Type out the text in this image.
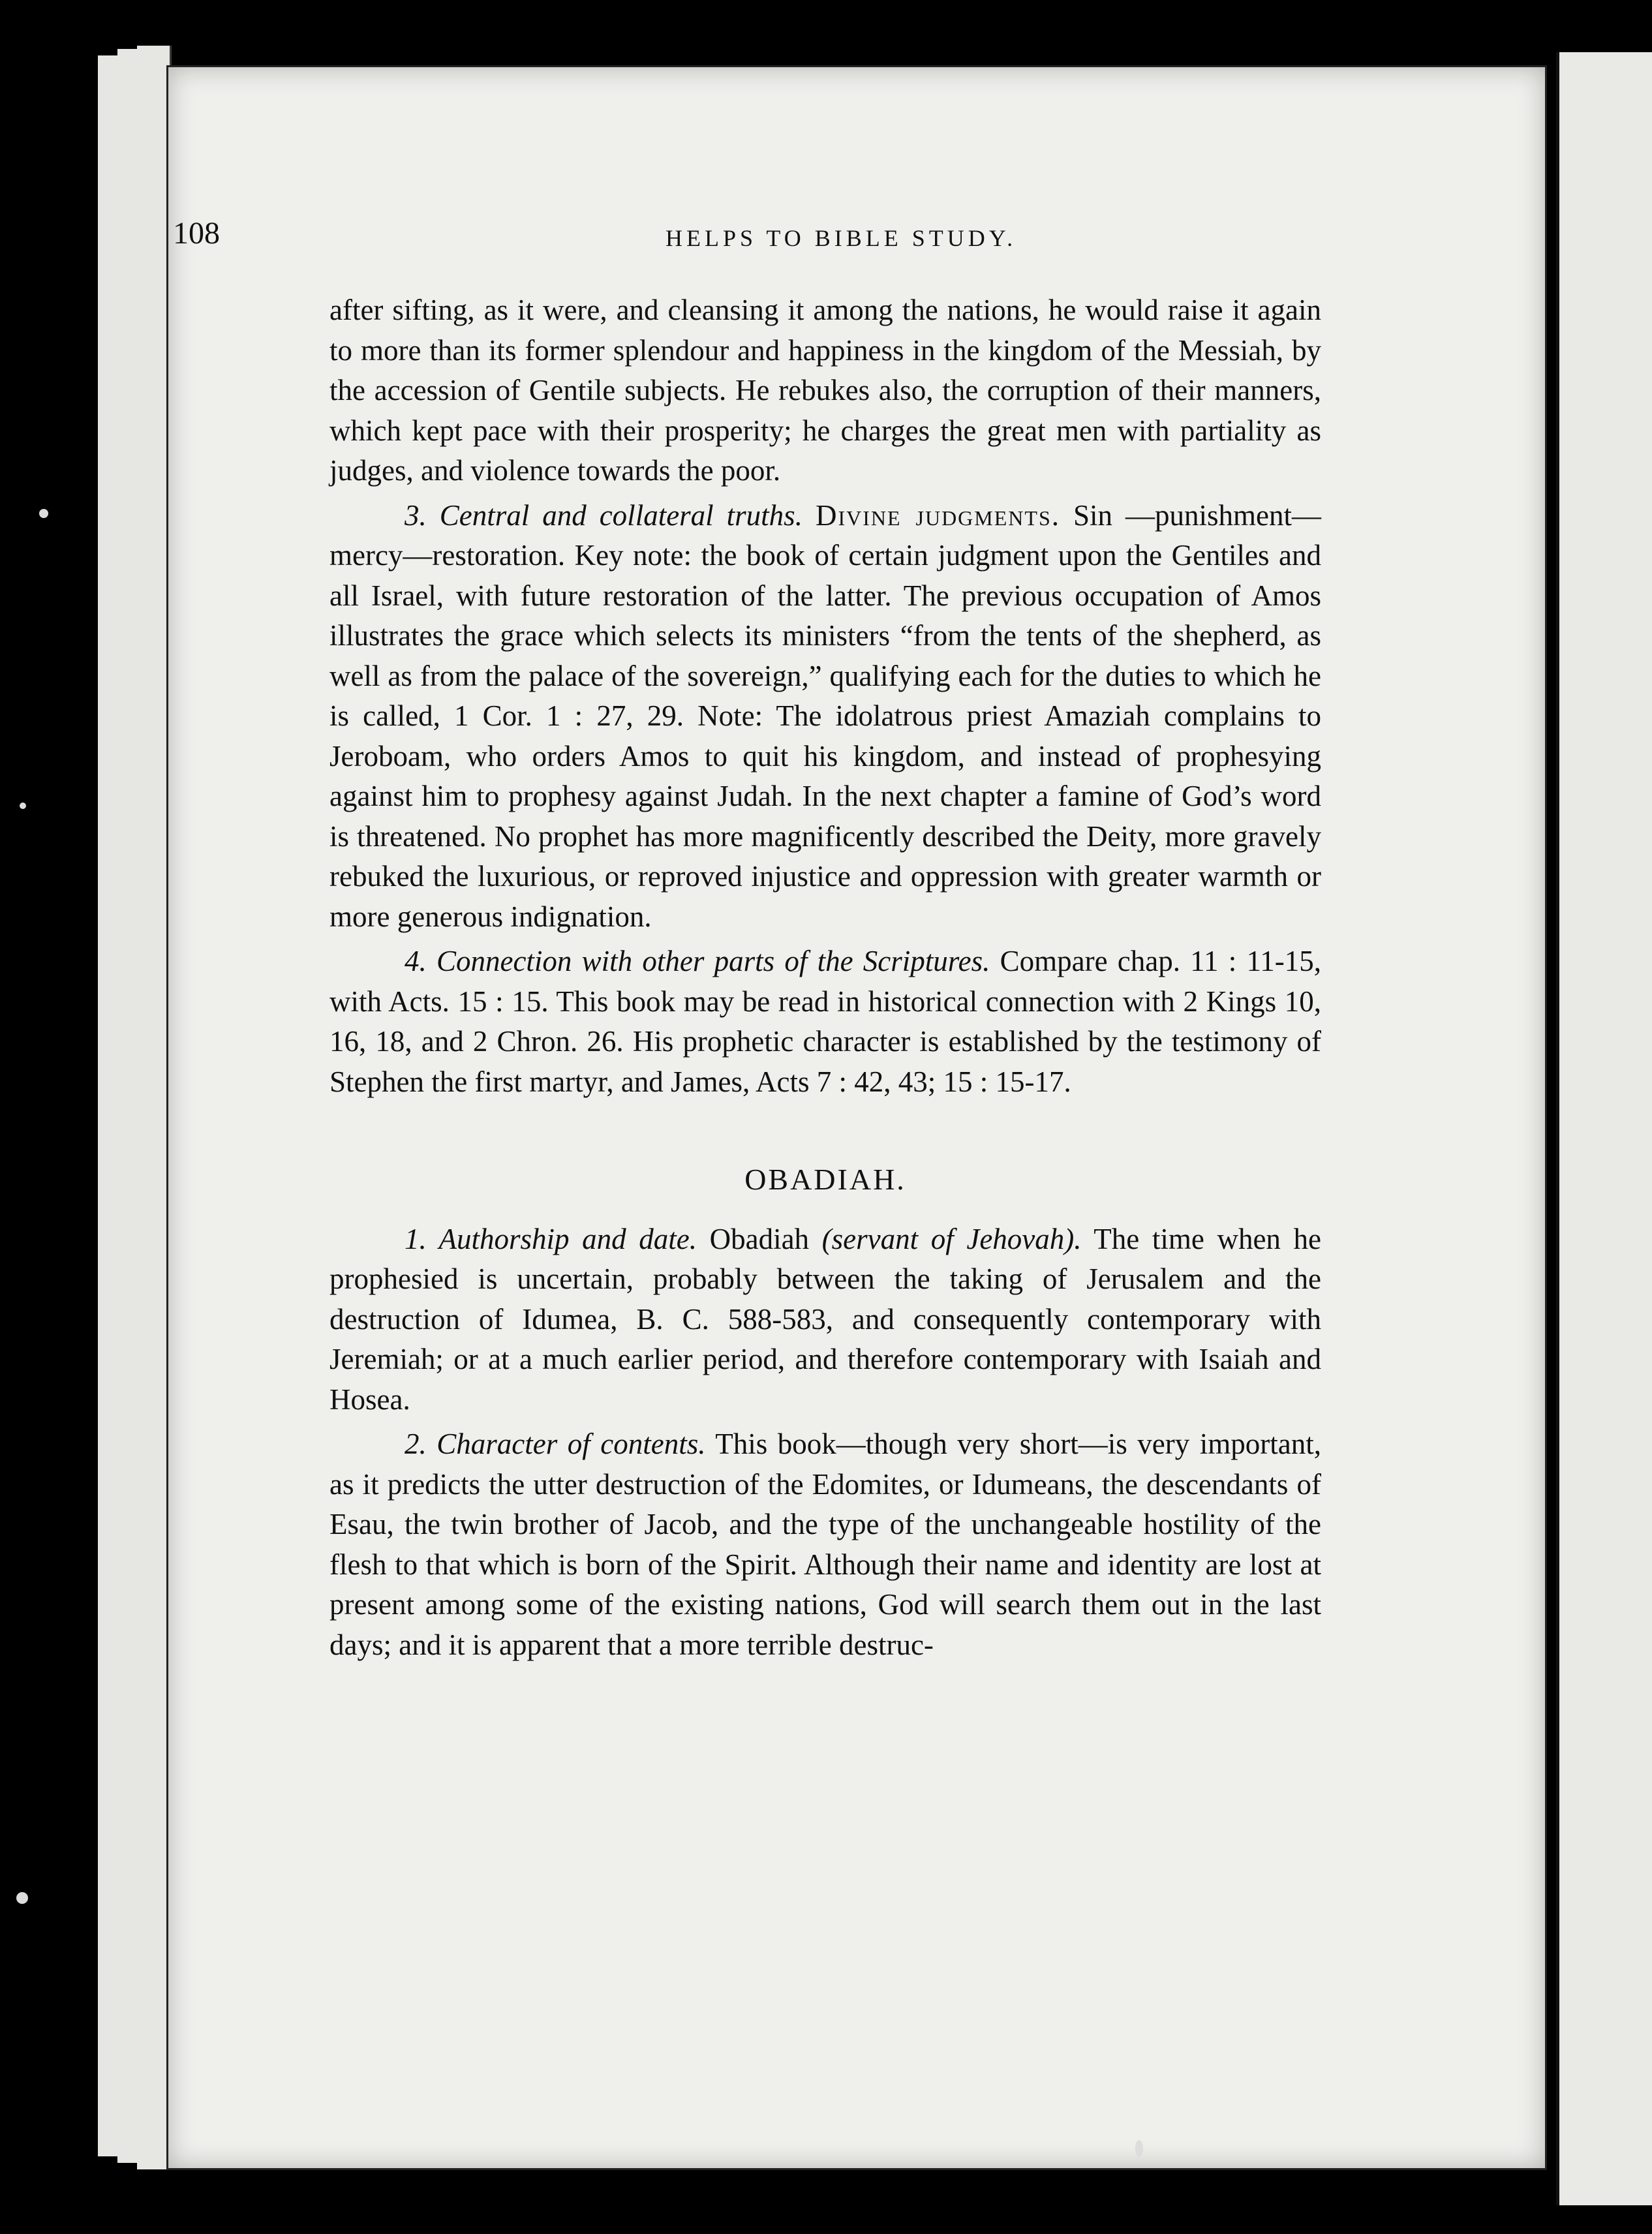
108	HELPS TO BIBLE STUDY.

after sifting, as it were, and cleansing it among the nations, he would raise it again to more than its former splendour and happiness in the kingdom of the Messiah, by the accession of Gentile subjects. He rebukes also, the corruption of their manners, which kept pace with their prosperity; he charges the great men with partiality as judges, and violence towards the poor.

3. Central and collateral truths. Divine judgments. Sin —punishment—mercy—restoration. Key note: the book of certain judgment upon the Gentiles and all Israel, with future restoration of the latter. The previous occupation of Amos illustrates the grace which selects its ministers “from the tents of the shepherd, as well as from the palace of the sovereign,” qualifying each for the duties to which he is called, 1 Cor. 1 : 27, 29. Note: The idolatrous priest Amaziah complains to Jeroboam, who orders Amos to quit his kingdom, and instead of prophesying against him to prophesy against Judah. In the next chapter a famine of God’s word is threatened. No prophet has more magnificently described the Deity, more gravely rebuked the luxurious, or reproved injustice and oppression with greater warmth or more generous indignation.

4. Connection with other parts of the Scriptures. Compare chap. 11 : 11-15, with Acts. 15 : 15. This book may be read in historical connection with 2 Kings 10, 16, 18, and 2 Chron. 26. His prophetic character is established by the testimony of Stephen the first martyr, and James, Acts 7 : 42, 43; 15 : 15-17.

OBADIAH.

1. Authorship and date. Obadiah (servant of Jehovah). The time when he prophesied is uncertain, probably between the taking of Jerusalem and the destruction of Idumea, B. C. 588-583, and consequently contemporary with Jeremiah; or at a much earlier period, and therefore contemporary with Isaiah and Hosea.

2. Character of contents. This book—though very short—is very important, as it predicts the utter destruction of the Edomites, or Idumeans, the descendants of Esau, the twin brother of Jacob, and the type of the unchangeable hostility of the flesh to that which is born of the Spirit. Although their name and identity are lost at present among some of the existing nations, God will search them out in the last days; and it is apparent that a more terrible destruc-
